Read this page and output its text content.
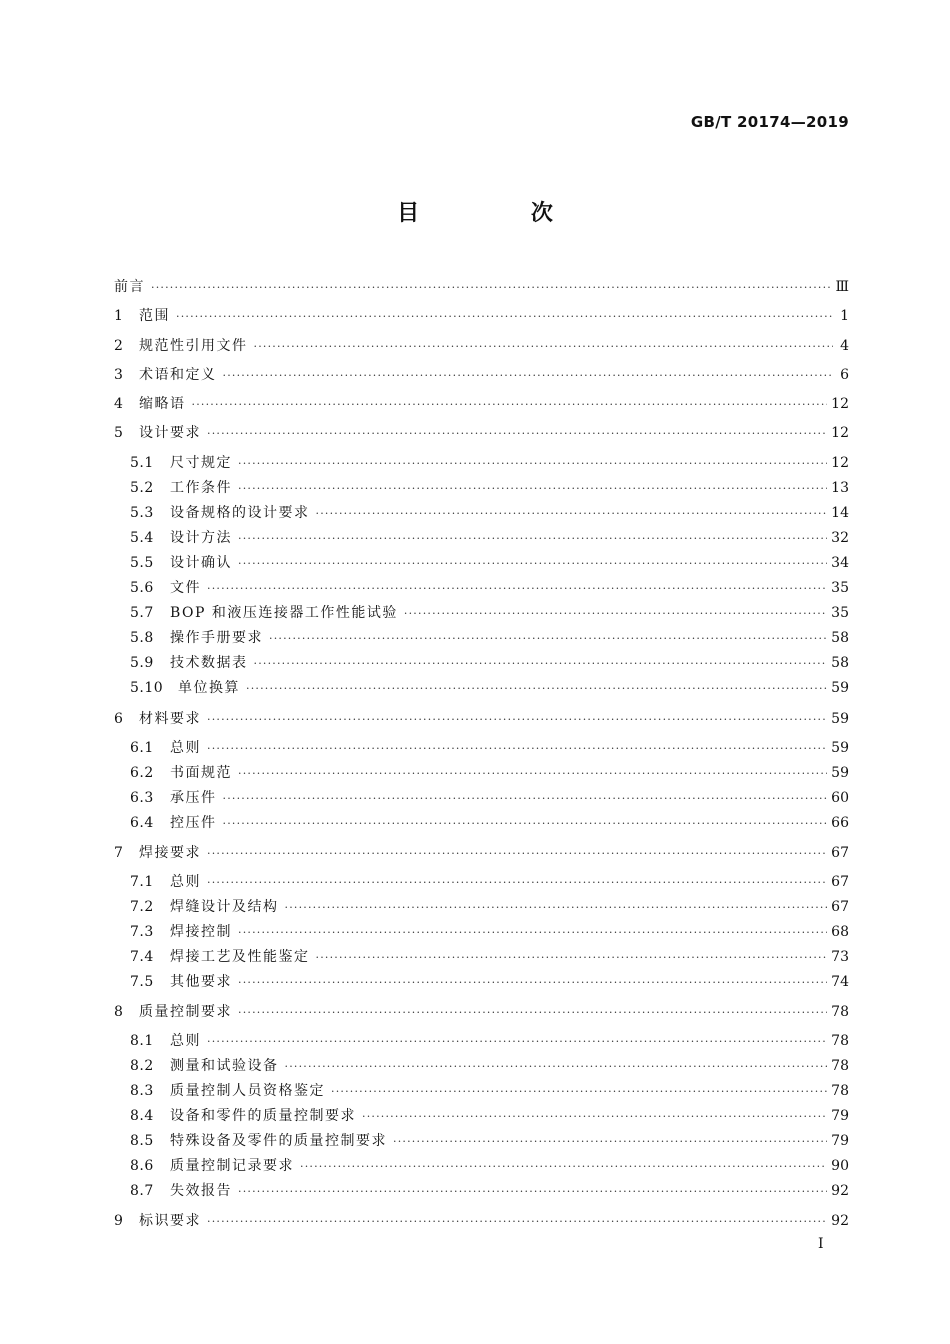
GB/T 20174—2019
目 次
前言 ·····	Ⅲ
1	范围 ·····	1
2	规范性引用文件 ·····	4
3	术语和定义 ·····	6
4	缩略语 ·····	12
5	设计要求 ·····	12
5.1	尺寸规定 ·····	12
5.2	工作条件 ·····	13
5.3	设备规格的设计要求 ·····	14
5.4	设计方法 ·····	32
5.5	设计确认 ·····	34
5.6	文件 ·····	35
5.7	BOP 和液压连接器工作性能试验 ·····	35
5.8	操作手册要求 ·····	58
5.9	技术数据表 ·····	58
5.10	单位换算 ·····	59
6	材料要求 ·····	59
6.1	总则 ·····	59
6.2	书面规范 ·····	59
6.3	承压件 ·····	60
6.4	控压件 ·····	66
7	焊接要求 ·····	67
7.1	总则 ·····	67
7.2	焊缝设计及结构 ·····	67
7.3	焊接控制 ·····	68
7.4	焊接工艺及性能鉴定 ·····	73
7.5	其他要求 ·····	74
8	质量控制要求 ·····	78
8.1	总则 ·····	78
8.2	测量和试验设备 ·····	78
8.3	质量控制人员资格鉴定 ·····	78
8.4	设备和零件的质量控制要求 ·····	79
8.5	特殊设备及零件的质量控制要求 ·····	79
8.6	质量控制记录要求 ·····	90
8.7	失效报告 ·····	92
9	标识要求 ·····	92
I
